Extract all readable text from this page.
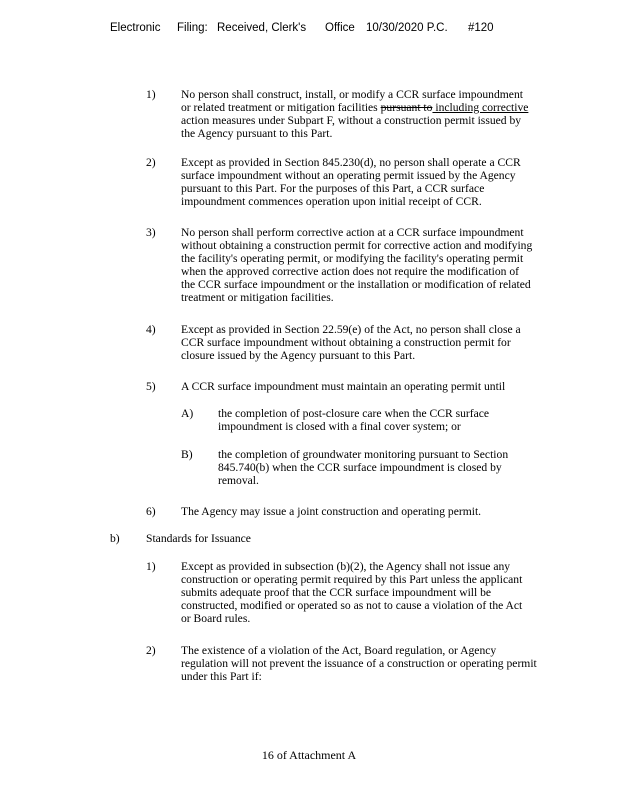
Electronic Filing: Received, Clerk's Office 10/30/2020 P.C. #120
1) No person shall construct, install, or modify a CCR surface impoundment
or related treatment or mitigation facilities pursuant to including corrective
action measures under Subpart F, without a construction permit issued by
the Agency pursuant to this Part.
2) Except as provided in Section 845.230(d), no person shall operate a CCR
surface impoundment without an operating permit issued by the Agency
pursuant to this Part. For the purposes of this Part, a CCR surface
impoundment commences operation upon initial receipt of CCR.
3) No person shall perform corrective action at a CCR surface impoundment
without obtaining a construction permit for corrective action and modifying
the facility's operating permit, or modifying the facility's operating permit
when the approved corrective action does not require the modification of
the CCR surface impoundment or the installation or modification of related
treatment or mitigation facilities.
4) Except as provided in Section 22.59(e) of the Act, no person shall close a
CCR surface impoundment without obtaining a construction permit for
closure issued by the Agency pursuant to this Part.
5) A CCR surface impoundment must maintain an operating permit until
A) the completion of post-closure care when the CCR surface
impoundment is closed with a final cover system; or
B) the completion of groundwater monitoring pursuant to Section
845.740(b) when the CCR surface impoundment is closed by
removal.
6) The Agency may issue a joint construction and operating permit.
b) Standards for Issuance
1) Except as provided in subsection (b)(2), the Agency shall not issue any
construction or operating permit required by this Part unless the applicant
submits adequate proof that the CCR surface impoundment will be
constructed, modified or operated so as not to cause a violation of the Act
or Board rules.
2) The existence of a violation of the Act, Board regulation, or Agency
regulation will not prevent the issuance of a construction or operating permit
under this Part if:
16 of Attachment A
